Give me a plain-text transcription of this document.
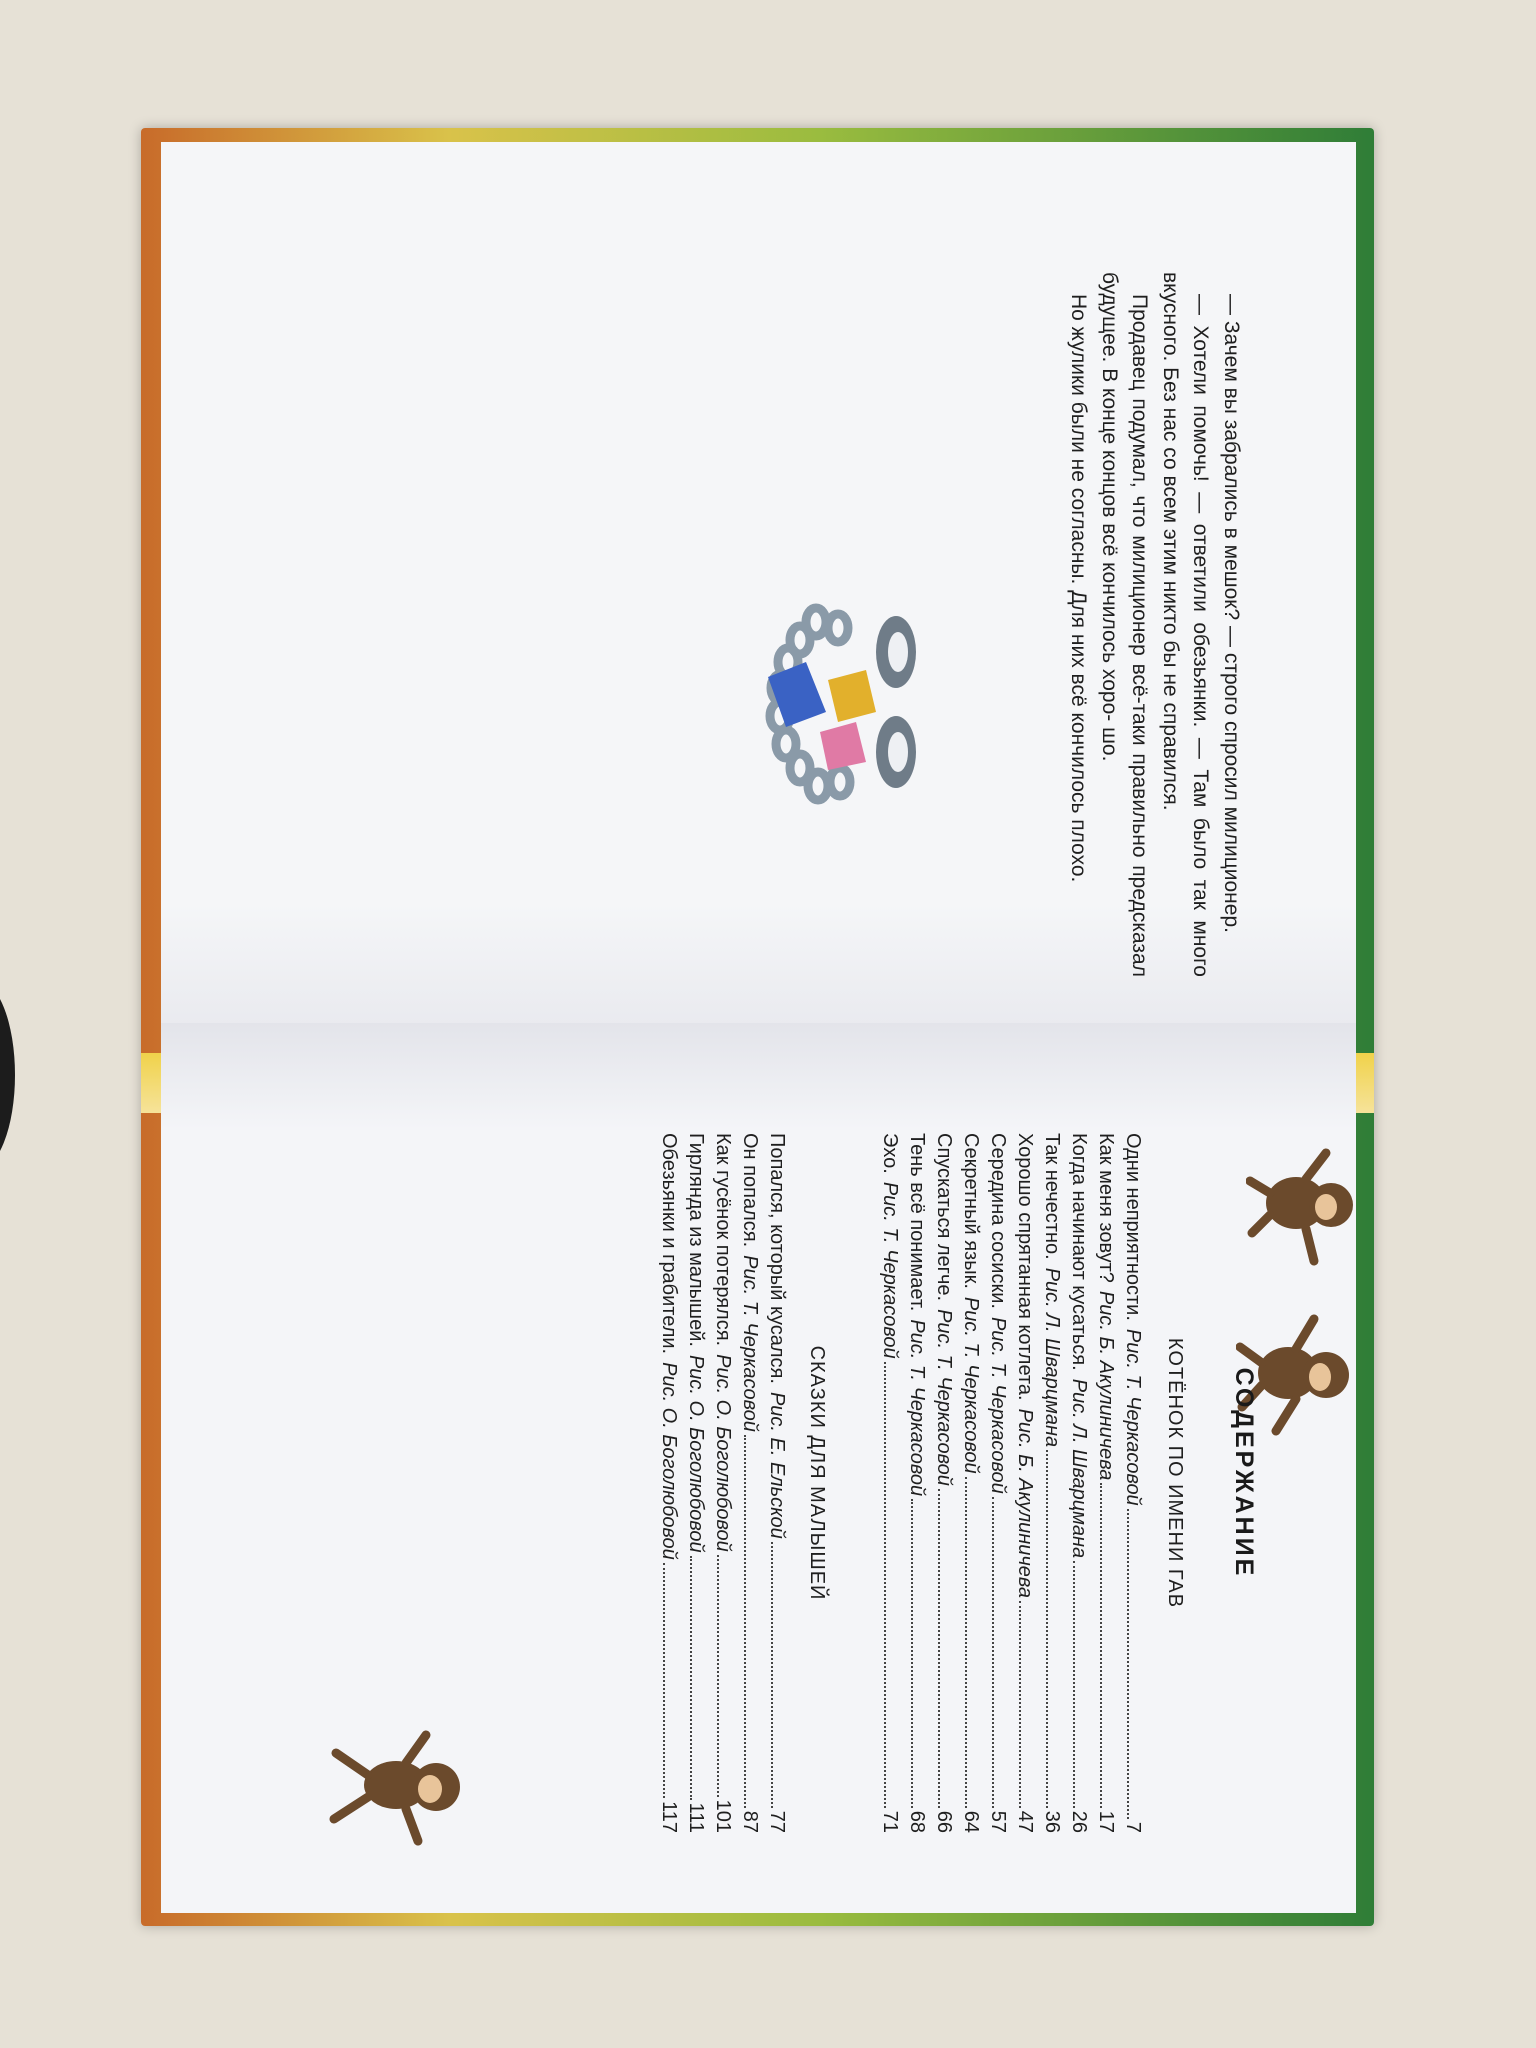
— Зачем вы забрались в мешок? — строго спросил милиционер.

— Хотели помочь! — ответили обезьянки. — Там было так много вкусного. Без нас со всем этим никто бы не справился.

Продавец подумал, что милиционер всё-таки правильно предсказал будущее. В конце концов всё кончилось хоро- шо.

Но жулики были не согласны. Для них всё кончилось плохо.

СОДЕРЖАНИЕ
КОТЁНОК ПО ИМЕНИ ГАВ
Одни неприятности.
Рис. Т. Черкасовой
7
Как меня зовут?
Рис. Б. Акулиничева
17
Когда начинают кусаться.
Рис. Л. Шварцмана
26
Так нечестно.
Рис. Л. Шварцмана
36
Хорошо спрятанная котлета.
Рис. Б. Акулиничева
47
Середина сосиски.
Рис. Т. Черкасовой
57
Секретный язык.
Рис. Т. Черкасовой
64
Спускаться легче.
Рис. Т. Черкасовой
66
Тень всё понимает.
Рис. Т. Черкасовой
68
Эхо.
Рис. Т. Черкасовой
71
СКАЗКИ ДЛЯ МАЛЫШЕЙ
Попался, который кусался.
Рис. Е. Ельской
77
Он попался.
Рис. Т. Черкасовой
87
Как гусёнок потерялся.
Рис. О. Боголюбовой
101
Гирлянда из малышей.
Рис. О. Боголюбовой
111
Обезьянки и грабители.
Рис. О. Боголюбовой
117
